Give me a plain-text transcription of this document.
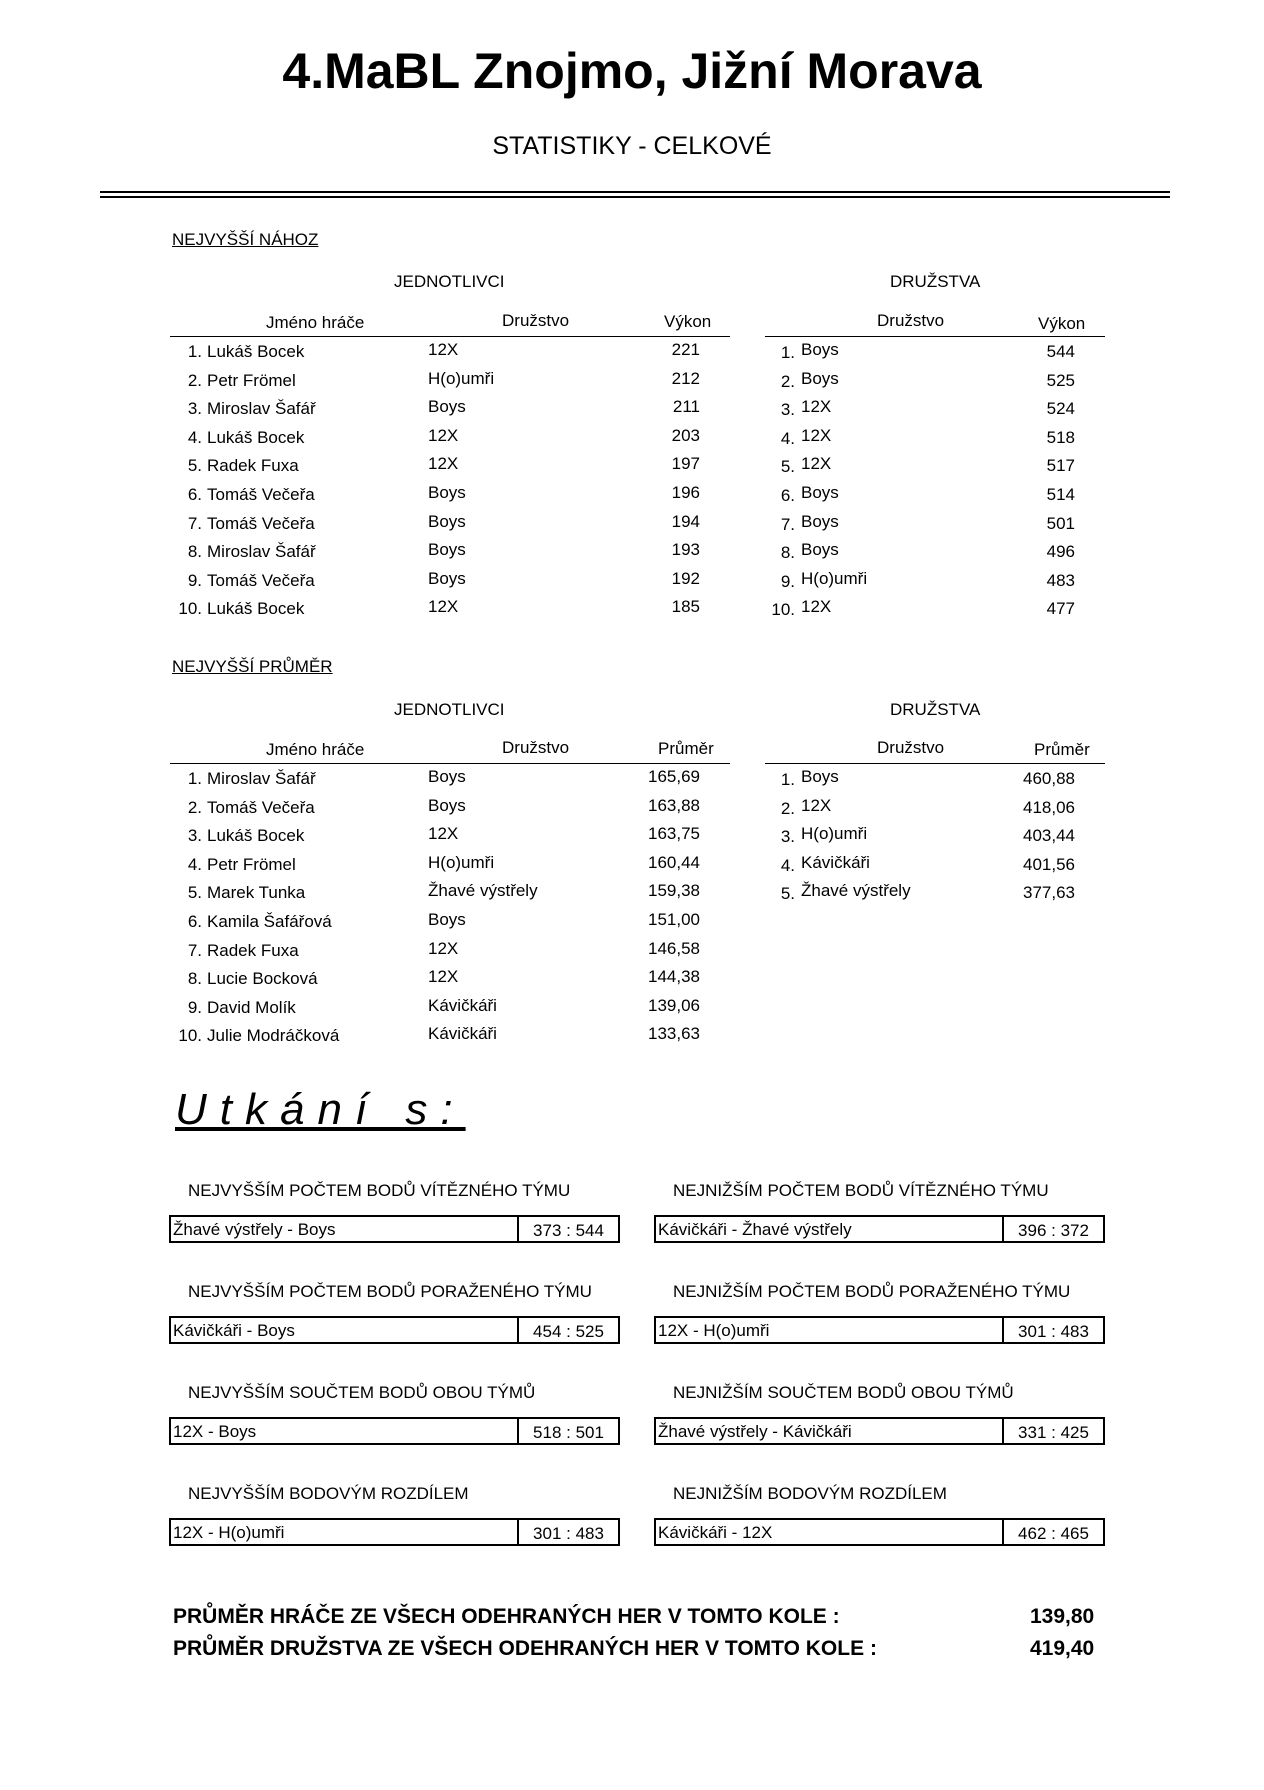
4.MaBL Znojmo, Jižní Morava
STATISTIKY - CELKOVÉ
NEJVYŠŠÍ NÁHOZ
JEDNOTLIVCI	DRUŽSTVA
Jméno hráče	Družstvo	Výkon	Družstvo	Výkon
1. Lukáš Bocek	12X	221
2. Petr Frömel	H(o)umři	212
3. Miroslav Šafář	Boys	211
4. Lukáš Bocek	12X	203
5. Radek Fuxa	12X	197
6. Tomáš Večeřa	Boys	196
7. Tomáš Večeřa	Boys	194
8. Miroslav Šafář	Boys	193
9. Tomáš Večeřa	Boys	192
10. Lukáš Bocek	12X	185
1. Boys	544
2. Boys	525
3. 12X	524
4. 12X	518
5. 12X	517
6. Boys	514
7. Boys	501
8. Boys	496
9. H(o)umři	483
10. 12X	477
NEJVYŠŠÍ PRŮMĚR
JEDNOTLIVCI	DRUŽSTVA
Jméno hráče	Družstvo	Průměr	Družstvo	Průměr
1. Miroslav Šafář	Boys	165,69
2. Tomáš Večeřa	Boys	163,88
3. Lukáš Bocek	12X	163,75
4. Petr Frömel	H(o)umři	160,44
5. Marek Tunka	Žhavé výstřely	159,38
6. Kamila Šafářová	Boys	151,00
7. Radek Fuxa	12X	146,58
8. Lucie Bocková	12X	144,38
9. David Molík	Kávičkáři	139,06
10. Julie Modráčková	Kávičkáři	133,63
1. Boys	460,88
2. 12X	418,06
3. H(o)umři	403,44
4. Kávičkáři	401,56
5. Žhavé výstřely	377,63
Utkání s:
NEJVYŠŠÍM POČTEM BODŮ VÍTĚZNÉHO TÝMU
Žhavé výstřely - Boys	373 : 544
NEJNIŽŠÍM POČTEM BODŮ VÍTĚZNÉHO TÝMU
Kávičkáři - Žhavé výstřely	396 : 372
NEJVYŠŠÍM POČTEM BODŮ PORAŽENÉHO TÝMU
Kávičkáři - Boys	454 : 525
NEJNIŽŠÍM POČTEM BODŮ PORAŽENÉHO TÝMU
12X - H(o)umři	301 : 483
NEJVYŠŠÍM SOUČTEM BODŮ OBOU TÝMŮ
12X - Boys	518 : 501
NEJNIŽŠÍM SOUČTEM BODŮ OBOU TÝMŮ
Žhavé výstřely - Kávičkáři	331 : 425
NEJVYŠŠÍM BODOVÝM ROZDÍLEM
12X - H(o)umři	301 : 483
NEJNIŽŠÍM BODOVÝM ROZDÍLEM
Kávičkáři - 12X	462 : 465
PRŮMĚR HRÁČE ZE VŠECH ODEHRANÝCH HER V TOMTO KOLE :	139,80
PRŮMĚR DRUŽSTVA ZE VŠECH ODEHRANÝCH HER V TOMTO KOLE :	419,40
